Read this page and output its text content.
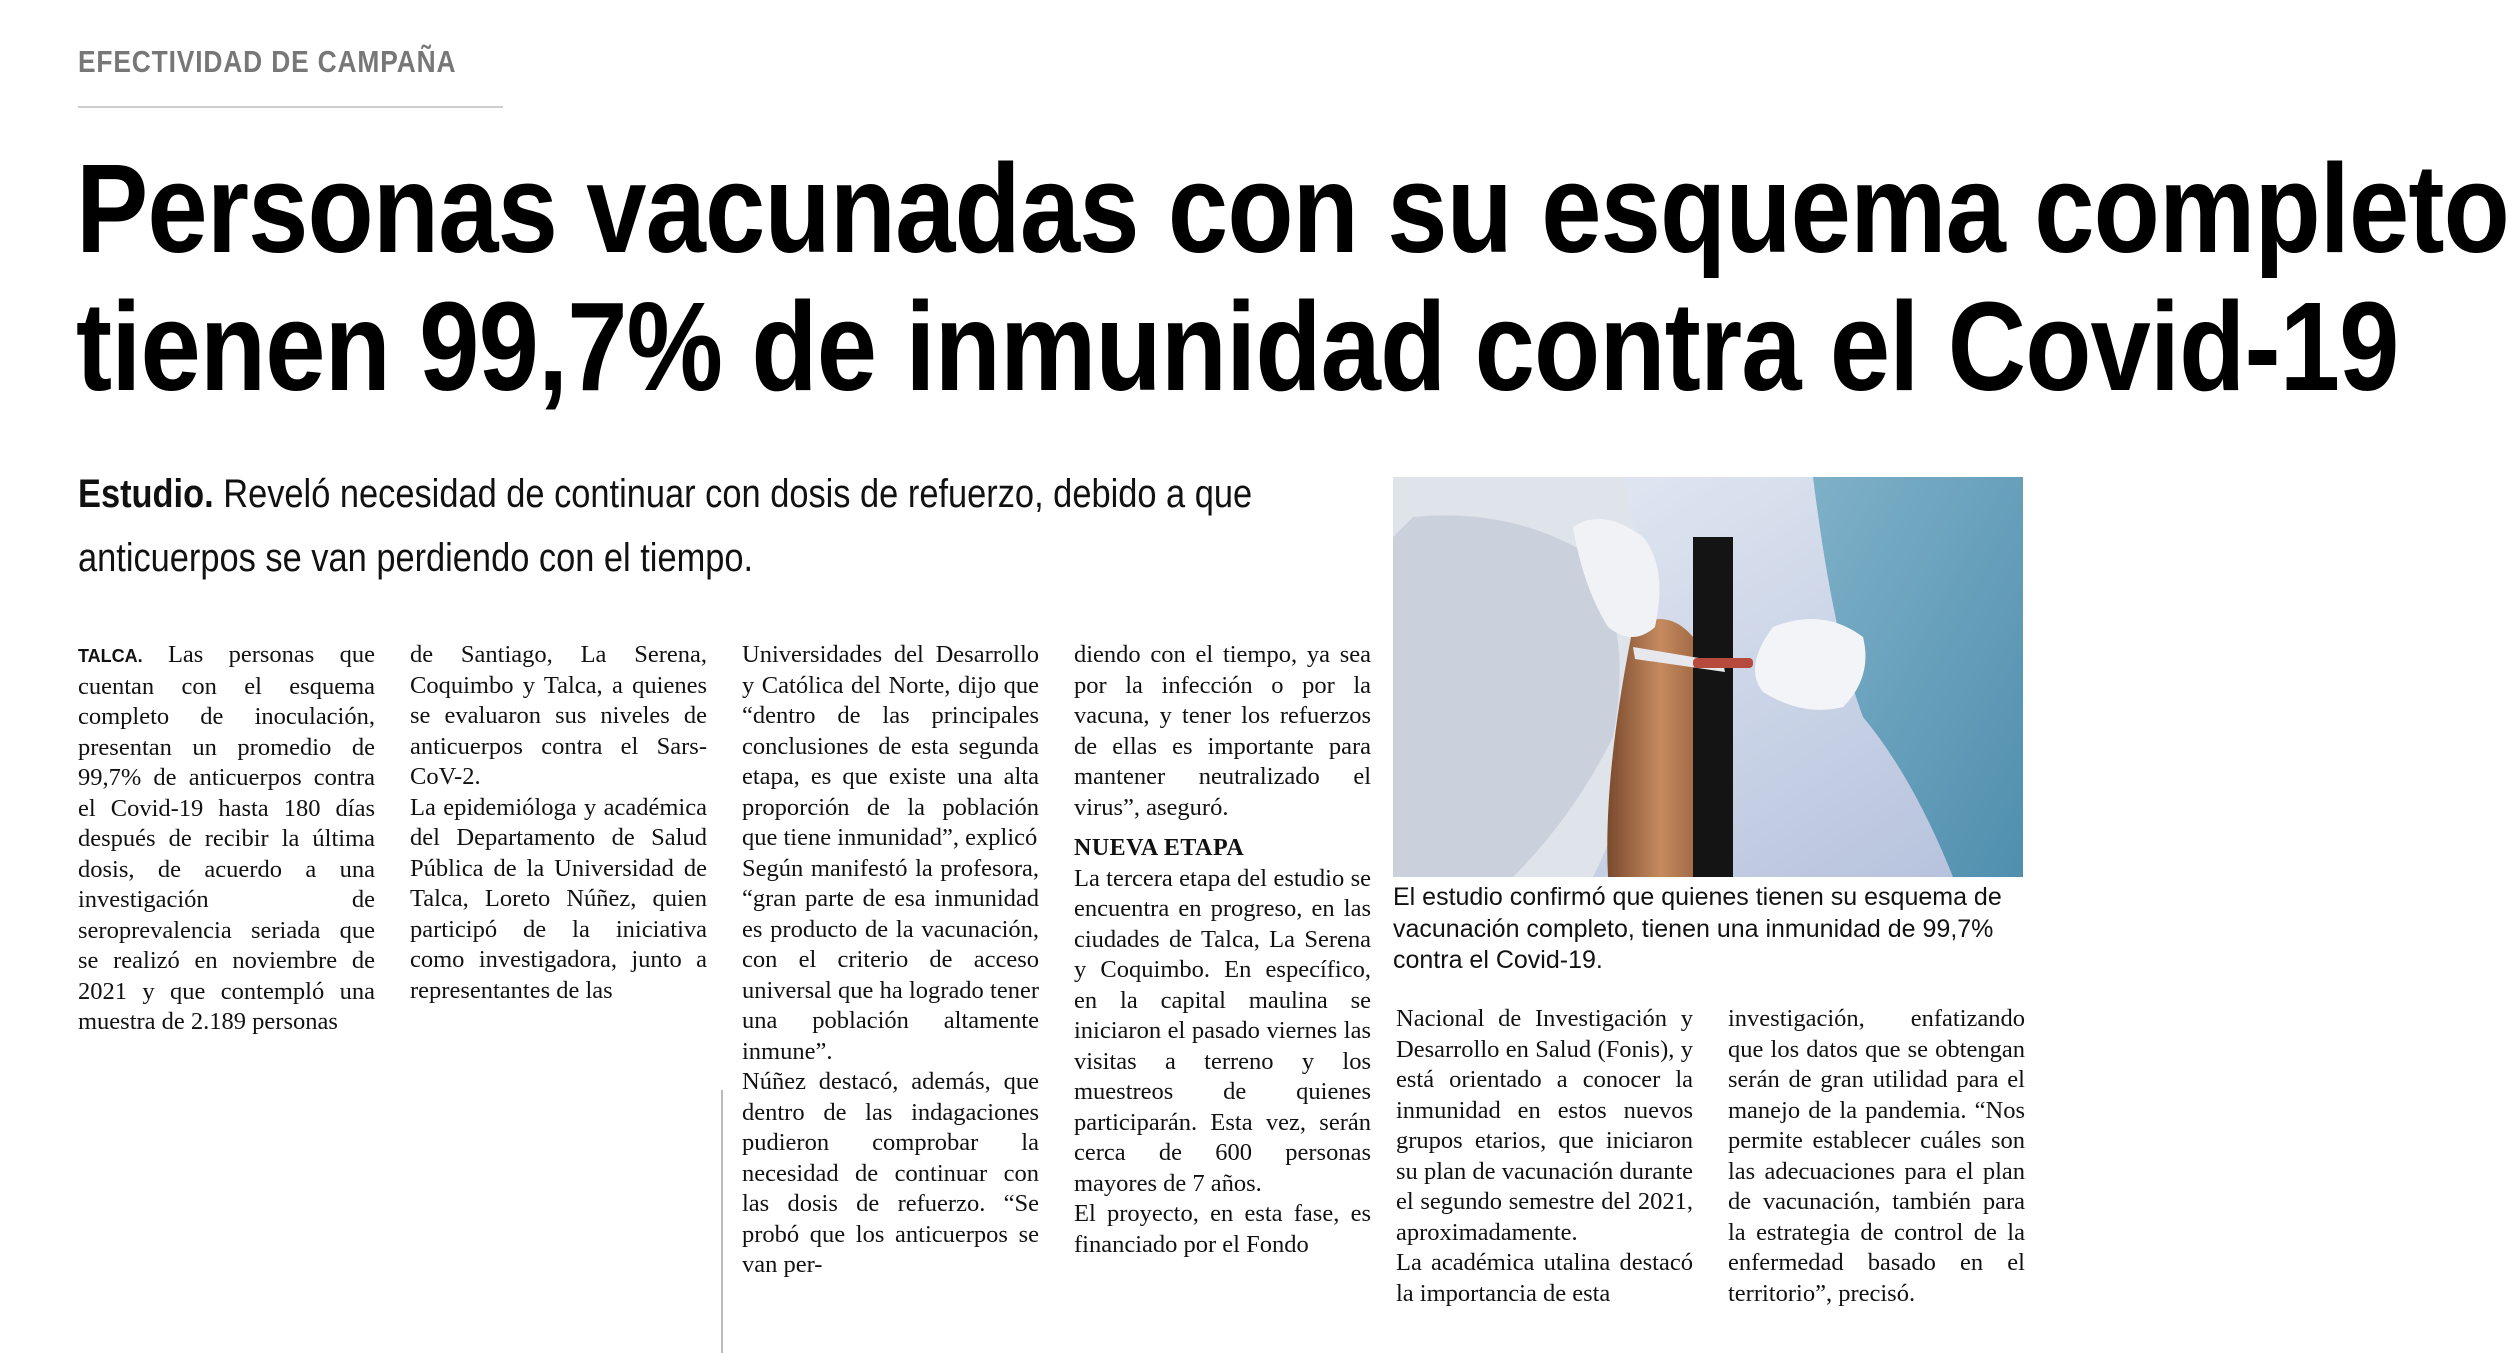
EFECTIVIDAD DE CAMPAÑA
Personas vacunadas con su esquema completo
tienen 99,7% de inmunidad contra el Covid-19
Estudio. Reveló necesidad de continuar con dosis de refuerzo, debido a que anticuerpos se van perdiendo con el tiempo.

TALCA. Las personas que cuentan con el esquema completo de inoculación, presentan un promedio de 99,7% de anticuerpos contra el Covid-19 hasta 180 días después de recibir la última dosis, de acuerdo a una investigación de seroprevalencia seriada que se realizó en noviembre de 2021 y que contempló una muestra de 2.189 personas

de Santiago, La Serena, Coquimbo y Talca, a quienes se evaluaron sus niveles de anticuerpos contra el Sars-CoV-2.

La epidemióloga y académica del Departamento de Salud Pública de la Universidad de Talca, Loreto Núñez, quien participó de la iniciativa como investigadora, junto a representantes de las

Universidades del Desarrollo y Católica del Norte, dijo que “dentro de las principales conclusiones de esta segunda etapa, es que existe una alta proporción de la población que tiene inmunidad”, explicó

Según manifestó la profesora, “gran parte de esa inmunidad es producto de la vacunación, con el criterio de acceso universal que ha logrado tener una población altamente inmune”.

Núñez destacó, además, que dentro de las indagaciones pudieron comprobar la necesidad de continuar con las dosis de refuerzo. “Se probó que los anticuerpos se van per-

diendo con el tiempo, ya sea por la infección o por la vacuna, y tener los refuerzos de ellas es importante para mantener neutralizado el virus”, aseguró.

NUEVA ETAPA

La tercera etapa del estudio se encuentra en progreso, en las ciudades de Talca, La Serena y Coquimbo. En específico, en la capital maulina se iniciaron el pasado viernes las visitas a terreno y los muestreos de quienes participarán. Esta vez, serán cerca de 600 personas mayores de 7 años.

El proyecto, en esta fase, es financiado por el Fondo

El estudio confirmó que quienes tienen su esquema de vacunación completo, tienen una inmunidad de 99,7% contra el Covid-19.

Nacional de Investigación y Desarrollo en Salud (Fonis), y está orientado a conocer la inmunidad en estos nuevos grupos etarios, que iniciaron su plan de vacunación durante el segundo semestre del 2021, aproximadamente.

La académica utalina destacó la importancia de esta

investigación, enfatizando que los datos que se obtengan serán de gran utilidad para el manejo de la pandemia. “Nos permite establecer cuáles son las adecuaciones para el plan de vacunación, también para la estrategia de control de la enfermedad basado en el territorio”, precisó.
